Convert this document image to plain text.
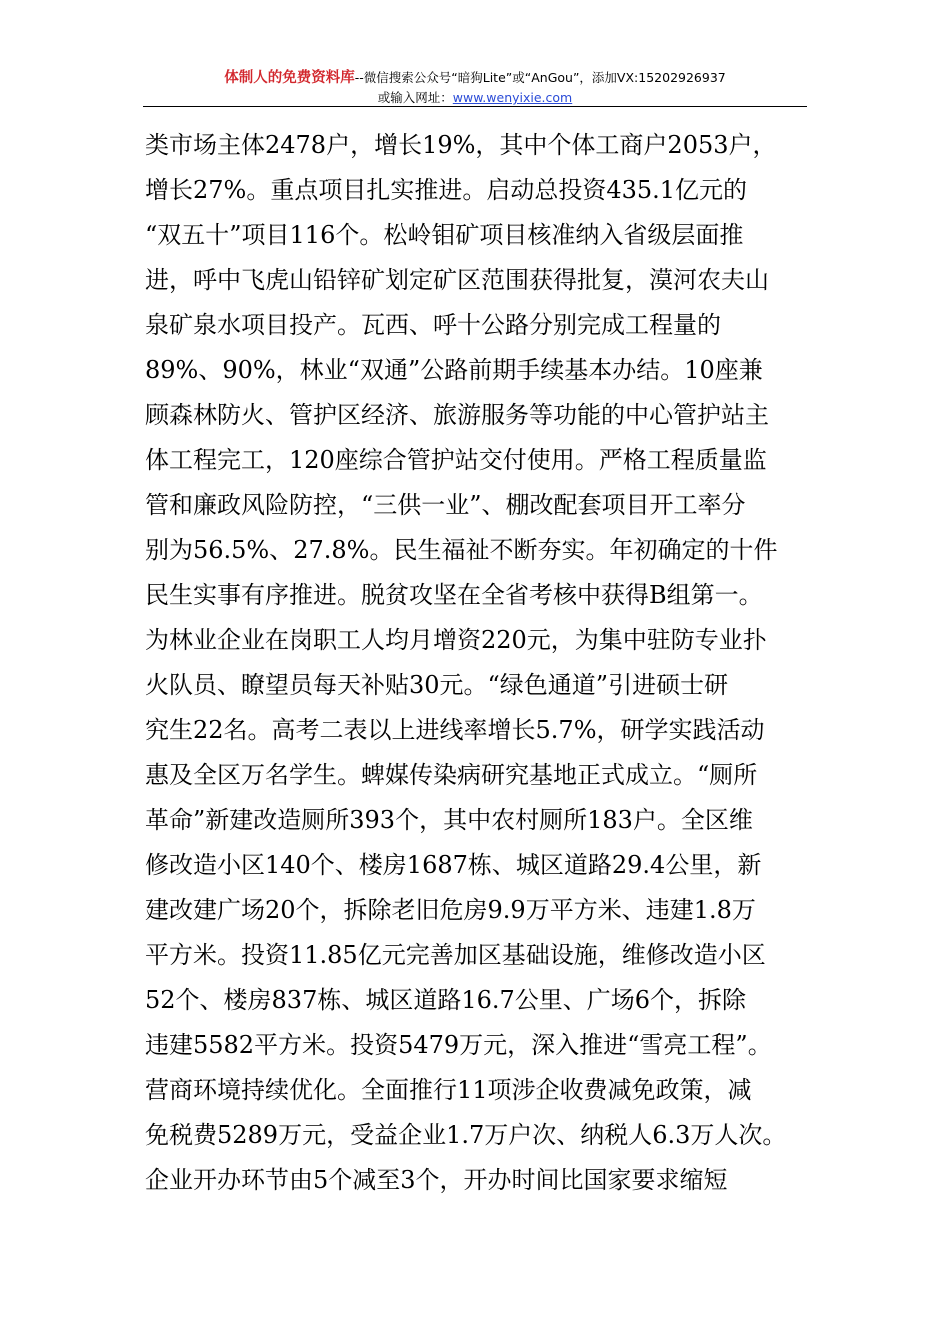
体制人的免费资料库--微信搜索公众号“暗狗Lite”或“AnGou”，添加VX:15202926937
或输入网址：www.wenyixie.com
类市场主体2478户，增长19%，其中个体工商户2053户，
增长27%。重点项目扎实推进。启动总投资435.1亿元的
“双五十”项目116个。松岭钼矿项目核准纳入省级层面推
进，呼中飞虎山铅锌矿划定矿区范围获得批复，漠河农夫山
泉矿泉水项目投产。瓦西、呼十公路分别完成工程量的
89%、90%，林业“双通”公路前期手续基本办结。10座兼
顾森林防火、管护区经济、旅游服务等功能的中心管护站主
体工程完工，120座综合管护站交付使用。严格工程质量监
管和廉政风险防控，“三供一业”、棚改配套项目开工率分
别为56.5%、27.8%。民生福祉不断夯实。年初确定的十件
民生实事有序推进。脱贫攻坚在全省考核中获得B组第一。
为林业企业在岗职工人均月增资220元，为集中驻防专业扑
火队员、瞭望员每天补贴30元。“绿色通道”引进硕士研
究生22名。高考二表以上进线率增长5.7%，研学实践活动
惠及全区万名学生。蜱媒传染病研究基地正式成立。“厕所
革命”新建改造厕所393个，其中农村厕所183户。全区维
修改造小区140个、楼房1687栋、城区道路29.4公里，新
建改建广场20个，拆除老旧危房9.9万平方米、违建1.8万
平方米。投资11.85亿元完善加区基础设施，维修改造小区
52个、楼房837栋、城区道路16.7公里、广场6个，拆除
违建5582平方米。投资5479万元，深入推进“雪亮工程”。
营商环境持续优化。全面推行11项涉企收费减免政策，减
免税费5289万元，受益企业1.7万户次、纳税人6.3万人次。
企业开办环节由5个减至3个，开办时间比国家要求缩短
